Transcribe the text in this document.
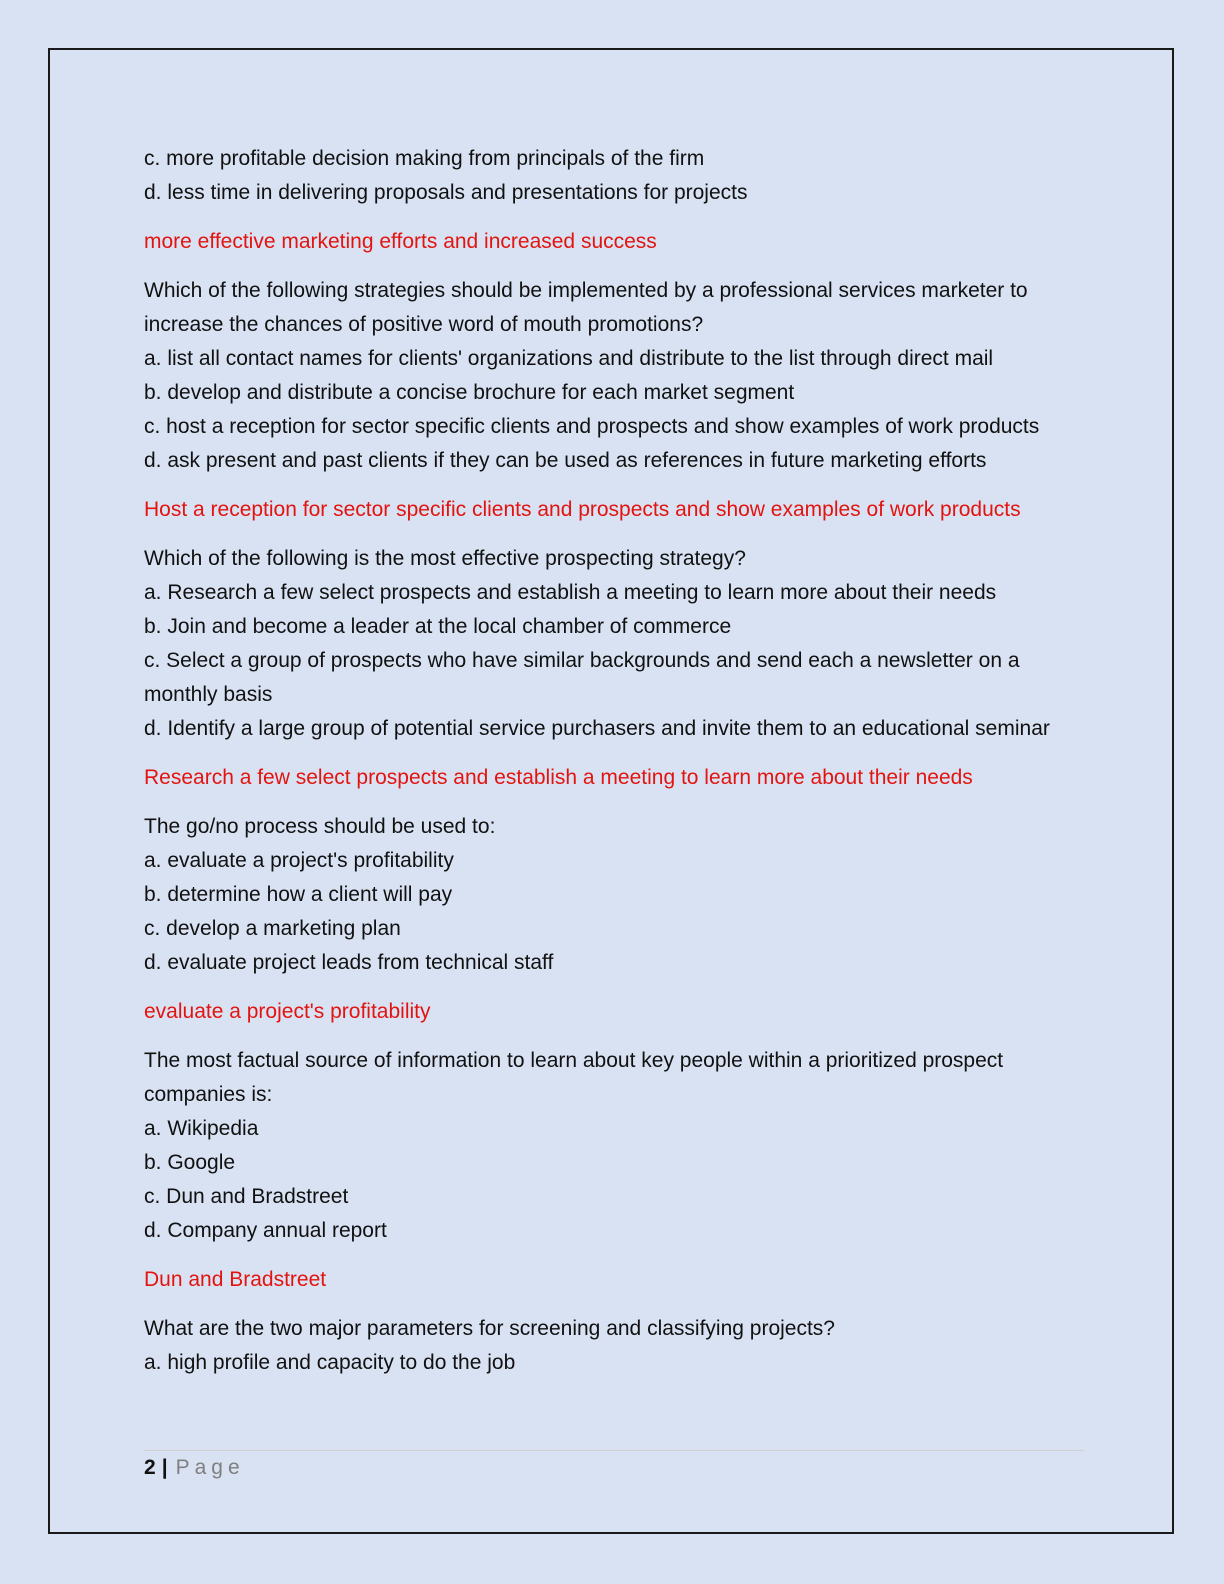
c. more profitable decision making from principals of the firm

d. less time in delivering proposals and presentations for projects

more effective marketing efforts and increased success

Which of the following strategies should be implemented by a professional services marketer to increase the chances of positive word of mouth promotions?

a. list all contact names for clients' organizations and distribute to the list through direct mail

b. develop and distribute a concise brochure for each market segment

c. host a reception for sector specific clients and prospects and show examples of work products

d. ask present and past clients if they can be used as references in future marketing efforts

Host a reception for sector specific clients and prospects and show examples of work products

Which of the following is the most effective prospecting strategy?

a. Research a few select prospects and establish a meeting to learn more about their needs

b. Join and become a leader at the local chamber of commerce

c. Select a group of prospects who have similar backgrounds and send each a newsletter on a monthly basis

d. Identify a large group of potential service purchasers and invite them to an educational seminar

Research a few select prospects and establish a meeting to learn more about their needs

The go/no process should be used to:

a. evaluate a project's profitability

b. determine how a client will pay

c. develop a marketing plan

d. evaluate project leads from technical staff

evaluate a project's profitability

The most factual source of information to learn about key people within a prioritized prospect companies is:

a. Wikipedia

b. Google

c. Dun and Bradstreet

d. Company annual report

Dun and Bradstreet

What are the two major parameters for screening and classifying projects?

a. high profile and capacity to do the job

2 | Page
